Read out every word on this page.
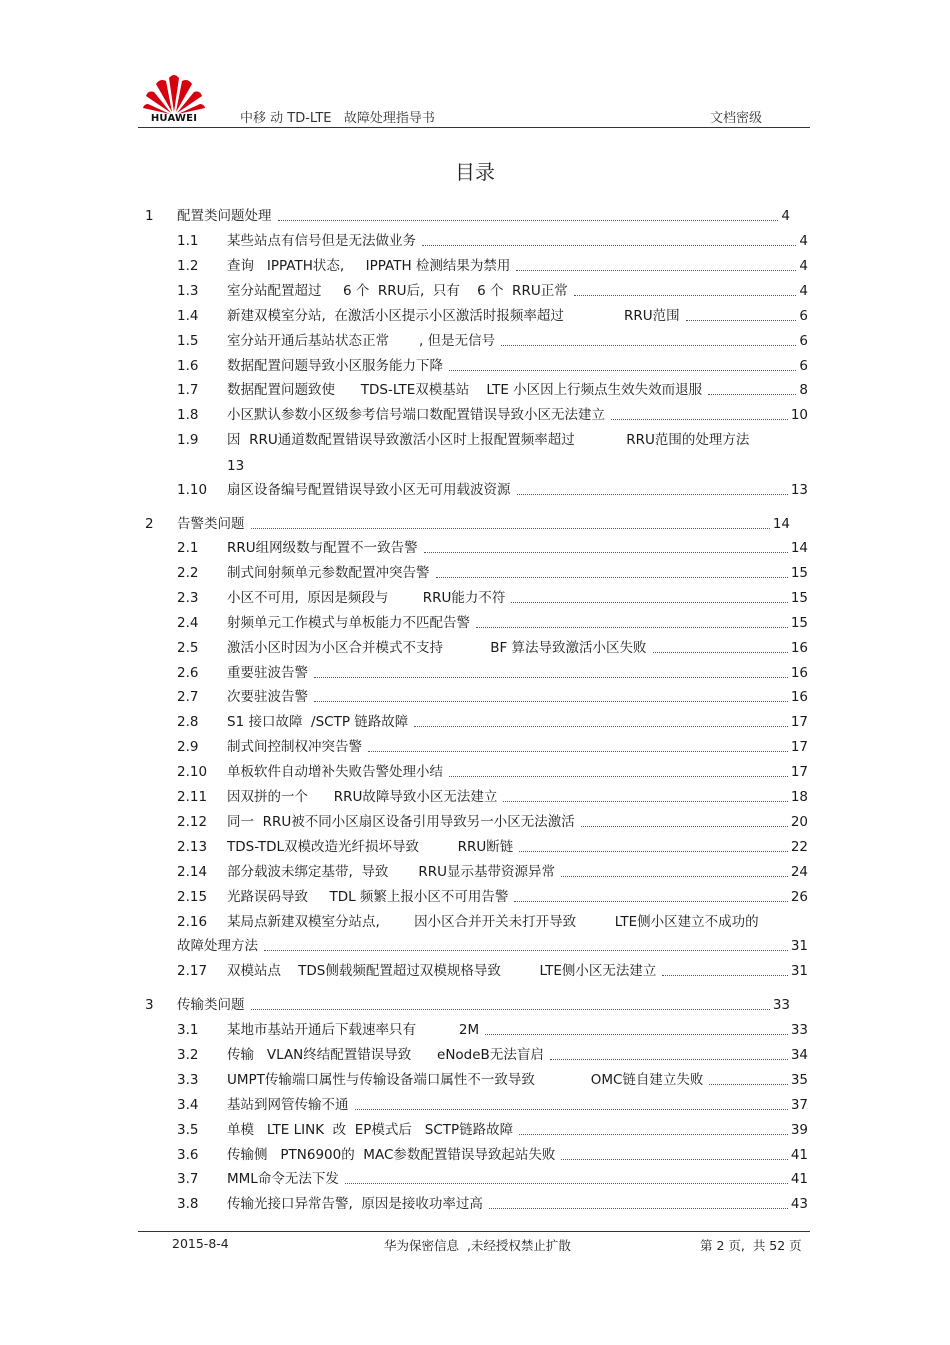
HUAWEI	中移 动 TD-LTE   故障处理指导书	文档密级
目录
1 配置类问题处理	4
1.1 某些站点有信号但是无法做业务	4
1.2 查询   IPPATH状态,     IPPATH 检测结果为禁用	4
1.3 室分站配置超过     6 个  RRU后,  只有    6 个  RRU正常	4
1.4 新建双模室分站,  在激活小区提示小区激活时报频率超过              RRU范围	6
1.5 室分站开通后基站状态正常       , 但是无信号	6
1.6 数据配置问题导致小区服务能力下降	6
1.7 数据配置问题致使      TDS-LTE双模基站    LTE 小区因上行频点生效失效而退服	8
1.8 小区默认参数小区级参考信号端口数配置错误导致小区无法建立	10
1.9 因  RRU通道数配置错误导致激活小区时上报配置频率超过            RRU范围的处理方法
13
1.10 扇区设备编号配置错误导致小区无可用载波资源	13
2 告警类问题	14
2.1 RRU组网级数与配置不一致告警	14
2.2 制式间射频单元参数配置冲突告警	15
2.3 小区不可用,  原因是频段与        RRU能力不符	15
2.4 射频单元工作模式与单板能力不匹配告警	15
2.5 激活小区时因为小区合并模式不支持           BF 算法导致激活小区失败	16
2.6 重要驻波告警	16
2.7 次要驻波告警	16
2.8 S1 接口故障  /SCTP 链路故障	17
2.9 制式间控制权冲突告警	17
2.10 单板软件自动增补失败告警处理小结	17
2.11 因双拼的一个      RRU故障导致小区无法建立	18
2.12 同一  RRU被不同小区扇区设备引用导致另一小区无法激活	20
2.13 TDS-TDL双模改造光纤损坏导致         RRU断链	22
2.14 部分载波未绑定基带,  导致       RRU显示基带资源异常	24
2.15 光路误码导致     TDL 频繁上报小区不可用告警	26
2.16 某局点新建双模室分站点,        因小区合并开关未打开导致         LTE侧小区建立不成功的
故障处理方法	31
2.17 双模站点    TDS侧载频配置超过双模规格导致         LTE侧小区无法建立	31
3 传输类问题	33
3.1 某地市基站开通后下载速率只有          2M	33
3.2 传输   VLAN终结配置错误导致      eNodeB无法盲启	34
3.3 UMPT传输端口属性与传输设备端口属性不一致导致             OMC链自建立失败	35
3.4 基站到网管传输不通	37
3.5 单模   LTE LINK  改  EP模式后   SCTP链路故障	39
3.6 传输侧   PTN6900的  MAC参数配置错误导致起站失败	41
3.7 MML命令无法下发	41
3.8 传输光接口异常告警,  原因是接收功率过高	43
2015-8-4	华为保密信息  ,未经授权禁止扩散	第 2 页,  共 52 页
